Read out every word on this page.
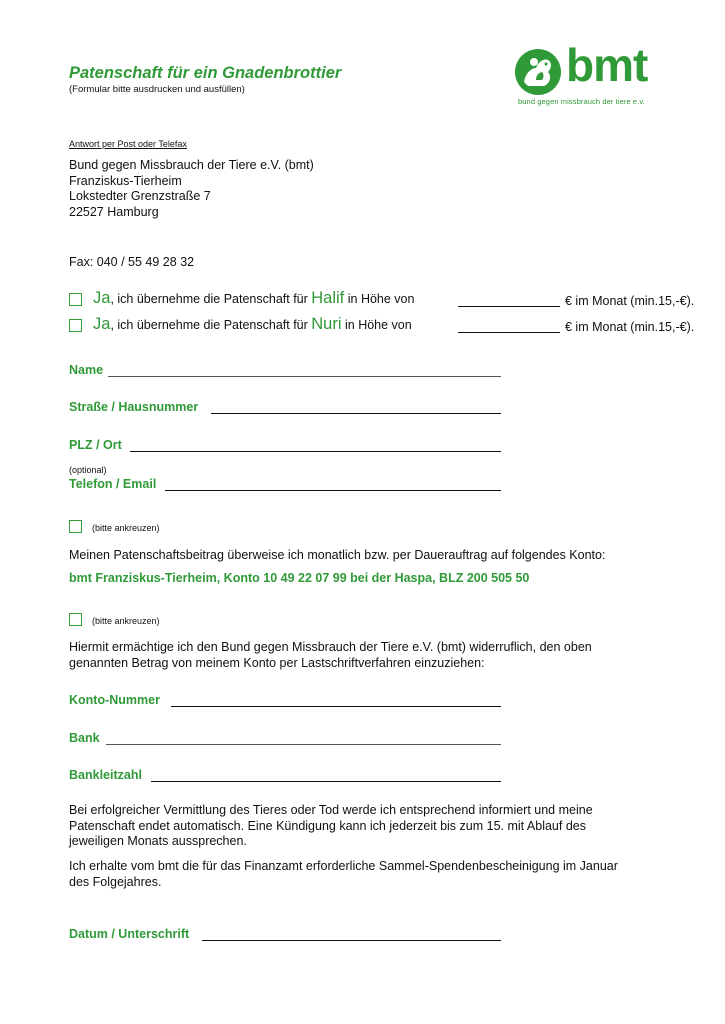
Patenschaft für ein Gnadenbrottier
(Formular bitte ausdrucken und ausfüllen)	bmt
bund gegen missbrauch der tiere e.v.
Antwort per Post oder Telefax
Bund gegen Missbrauch der Tiere e.V. (bmt)
Franziskus-Tierheim
Lokstedter Grenzstraße 7
22527 Hamburg
Fax: 040 / 55 49 28 32
Ja, ich übernehme die Patenschaft für Halif in Höhe von	€ im Monat (min.15,-€).
Ja, ich übernehme die Patenschaft für Nuri in Höhe von	€ im Monat (min.15,-€).
Name
Straße / Hausnummer
PLZ / Ort
(optional)
Telefon / Email
(bitte ankreuzen)
Meinen Patenschaftsbeitrag überweise ich monatlich bzw. per Dauerauftrag auf folgendes Konto:
bmt Franziskus-Tierheim, Konto 10 49 22 07 99 bei der Haspa, BLZ 200 505 50
(bitte ankreuzen)
Hiermit ermächtige ich den Bund gegen Missbrauch der Tiere e.V. (bmt) widerruflich, den oben genannten Betrag von meinem Konto per Lastschriftverfahren einzuziehen:
Konto-Nummer
Bank
Bankleitzahl
Bei erfolgreicher Vermittlung des Tieres oder Tod werde ich entsprechend informiert und meine Patenschaft endet automatisch. Eine Kündigung kann ich jederzeit bis zum 15. mit Ablauf des jeweiligen Monats aussprechen.
Ich erhalte vom bmt die für das Finanzamt erforderliche Sammel-Spendenbescheinigung im Januar des Folgejahres.
Datum / Unterschrift
